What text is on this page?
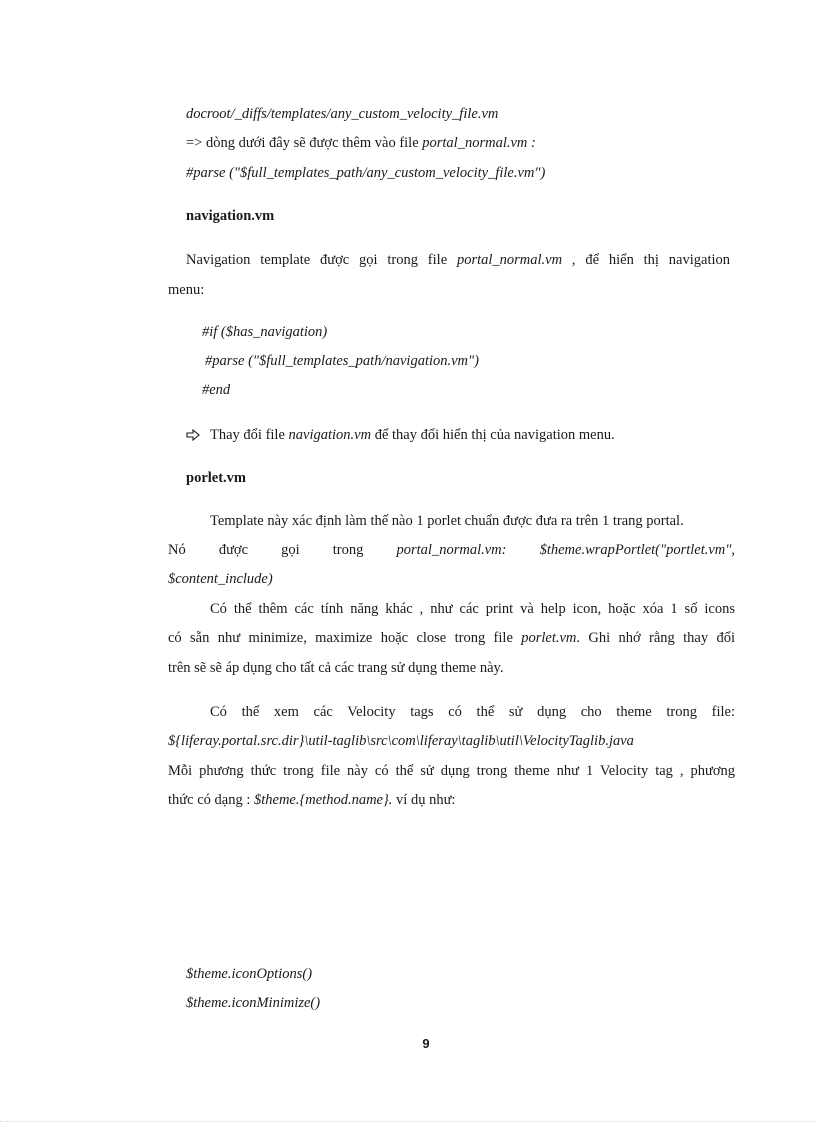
docroot/_diffs/templates/any_custom_velocity_file.vm
=> dòng dưới đây sẽ được thêm vào file portal_normal.vm :
#parse ("$full_templates_path/any_custom_velocity_file.vm")
navigation.vm
Navigation template được gọi trong file portal_normal.vm , để hiển thị navigation
menu:
#if ($has_navigation)
#parse ("$full_templates_path/navigation.vm")
#end
Thay đổi file navigation.vm để thay đổi hiển thị của navigation menu.
porlet.vm
Template này xác định làm thế nào 1 porlet chuẩn được đưa ra trên 1 trang portal.
Nó được gọi trong portal_normal.vm: $theme.wrapPortlet("portlet.vm",
$content_include)
Có thể thêm các tính năng khác , như các print và help icon, hoặc xóa 1 số icons
có sẵn như minimize, maximize hoặc close trong file porlet.vm. Ghi nhớ rằng thay đổi
trên sẽ sẽ áp dụng cho tất cả các trang sử dụng theme này.
Có thể xem các Velocity tags có thể sử dụng cho theme trong file:
${liferay.portal.src.dir}\util-taglib\src\com\liferay\taglib\util\VelocityTaglib.java
Mỗi phương thức trong file này có thể sử dụng trong theme như 1 Velocity tag , phương
thức có dạng : $theme.{method.name}. ví dụ như:
$theme.iconOptions()
$theme.iconMinimize()
9
